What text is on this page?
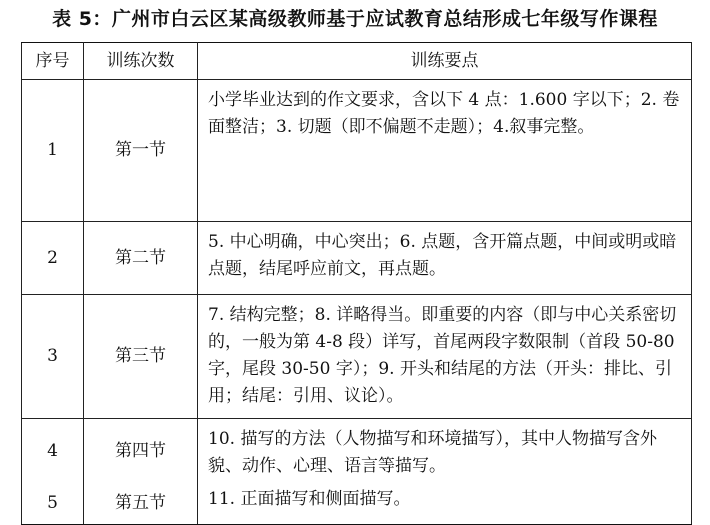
表 5：广州市白云区某高级教师基于应试教育总结形成七年级写作课程
序号	训练次数	训练要点
1	第一节	小学毕业达到的作文要求，含以下 4 点：1.600 字以下；2. 卷面整洁；3. 切题（即不偏题不走题）；4.叙事完整。
2	第二节	5. 中心明确，中心突出；6. 点题，含开篇点题，中间或明或暗点题，结尾呼应前文，再点题。
3	第三节	7. 结构完整；8. 详略得当。即重要的内容（即与中心关系密切的，一般为第 4-8 段）详写，首尾两段字数限制（首段 50-80 字，尾段 30-50 字）；9. 开头和结尾的方法（开头：排比、引用；结尾：引用、议论）。
4	第四节	10. 描写的方法（人物描写和环境描写），其中人物描写含外貌、动作、心理、语言等描写。
5	第五节	11. 正面描写和侧面描写。
